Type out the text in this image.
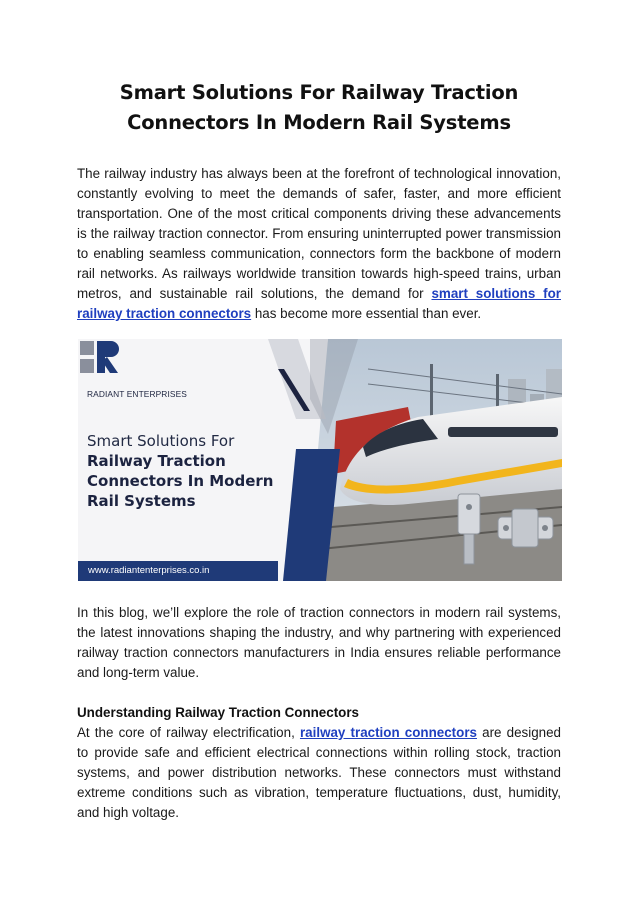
Smart Solutions For Railway Traction Connectors In Modern Rail Systems

The railway industry has always been at the forefront of technological innovation, constantly evolving to meet the demands of safer, faster, and more efficient transportation. One of the most critical components driving these advancements is the railway traction connector. From ensuring uninterrupted power transmission to enabling seamless communication, connectors form the backbone of modern rail networks. As railways worldwide transition towards high-speed trains, urban metros, and sustainable rail solutions, the demand for smart solutions for railway traction connectors has become more essential than ever.

RADIANT ENTERPRISES
Smart Solutions For
Railway Traction Connectors In Modern Rail Systems
www.radiantenterprises.co.in

In this blog, we’ll explore the role of traction connectors in modern rail systems, the latest innovations shaping the industry, and why partnering with experienced railway traction connectors manufacturers in India ensures reliable performance and long-term value.

Understanding Railway Traction Connectors

At the core of railway electrification, railway traction connectors are designed to provide safe and efficient electrical connections within rolling stock, traction systems, and power distribution networks. These connectors must withstand extreme conditions such as vibration, temperature fluctuations, dust, humidity, and high voltage.
